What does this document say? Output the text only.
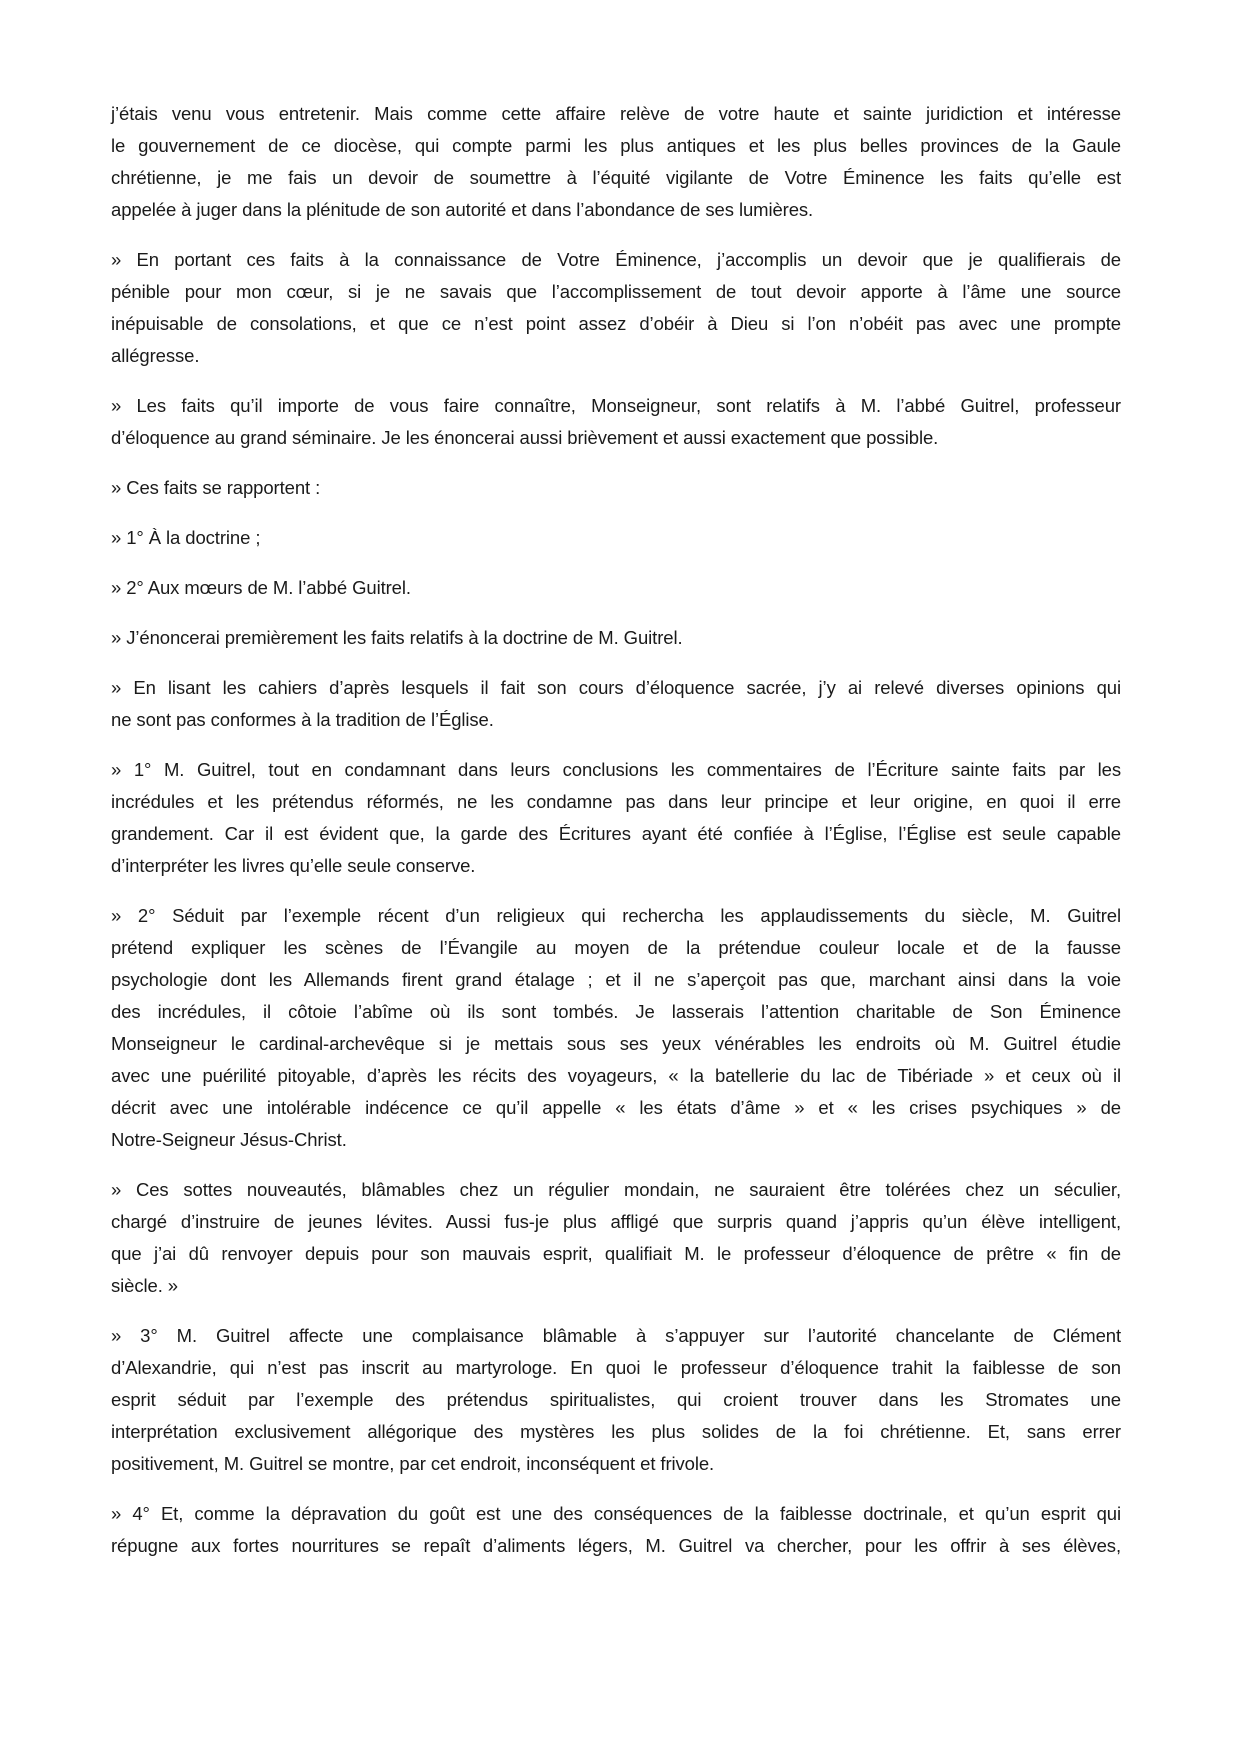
j’étais venu vous entretenir. Mais comme cette affaire relève de votre haute et sainte juridiction et intéresse
le gouvernement de ce diocèse, qui compte parmi les plus antiques et les plus belles provinces de la Gaule
chrétienne, je me fais un devoir de soumettre à l’équité vigilante de Votre Éminence les faits qu’elle est
appelée à juger dans la plénitude de son autorité et dans l’abondance de ses lumières.
» En portant ces faits à la connaissance de Votre Éminence, j’accomplis un devoir que je qualifierais de
pénible pour mon cœur, si je ne savais que l’accomplissement de tout devoir apporte à l’âme une source
inépuisable de consolations, et que ce n’est point assez d’obéir à Dieu si l’on n’obéit pas avec une prompte
allégresse.
» Les faits qu’il importe de vous faire connaître, Monseigneur, sont relatifs à M. l’abbé Guitrel, professeur
d’éloquence au grand séminaire. Je les énoncerai aussi brièvement et aussi exactement que possible.
» Ces faits se rapportent :
» 1° À la doctrine ;
» 2° Aux mœurs de M. l’abbé Guitrel.
» J’énoncerai premièrement les faits relatifs à la doctrine de M. Guitrel.
» En lisant les cahiers d’après lesquels il fait son cours d’éloquence sacrée, j’y ai relevé diverses opinions qui
ne sont pas conformes à la tradition de l’Église.
» 1° M. Guitrel, tout en condamnant dans leurs conclusions les commentaires de l’Écriture sainte faits par les
incrédules et les prétendus réformés, ne les condamne pas dans leur principe et leur origine, en quoi il erre
grandement. Car il est évident que, la garde des Écritures ayant été confiée à l’Église, l’Église est seule capable
d’interpréter les livres qu’elle seule conserve.
» 2° Séduit par l’exemple récent d’un religieux qui rechercha les applaudissements du siècle, M. Guitrel
prétend expliquer les scènes de l’Évangile au moyen de la prétendue couleur locale et de la fausse
psychologie dont les Allemands firent grand étalage ; et il ne s’aperçoit pas que, marchant ainsi dans la voie
des incrédules, il côtoie l’abîme où ils sont tombés. Je lasserais l’attention charitable de Son Éminence
Monseigneur le cardinal-archevêque si je mettais sous ses yeux vénérables les endroits où M. Guitrel étudie
avec une puérilité pitoyable, d’après les récits des voyageurs, « la batellerie du lac de Tibériade » et ceux où il
décrit avec une intolérable indécence ce qu’il appelle « les états d’âme » et « les crises psychiques » de
Notre-Seigneur Jésus-Christ.
» Ces sottes nouveautés, blâmables chez un régulier mondain, ne sauraient être tolérées chez un séculier,
chargé d’instruire de jeunes lévites. Aussi fus-je plus affligé que surpris quand j’appris qu’un élève intelligent,
que j’ai dû renvoyer depuis pour son mauvais esprit, qualifiait M. le professeur d’éloquence de prêtre « fin de
siècle. »
» 3° M. Guitrel affecte une complaisance blâmable à s’appuyer sur l’autorité chancelante de Clément
d’Alexandrie, qui n’est pas inscrit au martyrologe. En quoi le professeur d’éloquence trahit la faiblesse de son
esprit séduit par l’exemple des prétendus spiritualistes, qui croient trouver dans les Stromates une
interprétation exclusivement allégorique des mystères les plus solides de la foi chrétienne. Et, sans errer
positivement, M. Guitrel se montre, par cet endroit, inconséquent et frivole.
» 4° Et, comme la dépravation du goût est une des conséquences de la faiblesse doctrinale, et qu’un esprit qui
répugne aux fortes nourritures se repaît d’aliments légers, M. Guitrel va chercher, pour les offrir à ses élèves,
